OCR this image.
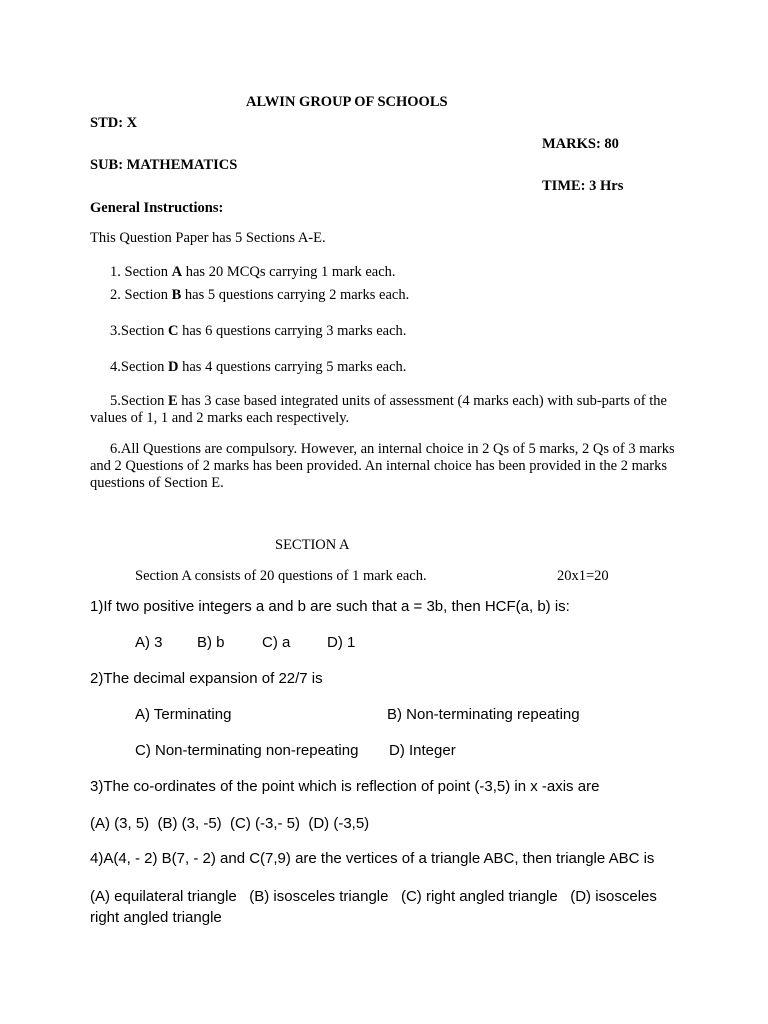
ALWIN GROUP OF SCHOOLS
STD: X
MARKS: 80
SUB: MATHEMATICS
TIME: 3 Hrs
General Instructions:
This Question Paper has 5 Sections A-E.
1. Section A has 20 MCQs carrying 1 mark each.
2. Section B has 5 questions carrying 2 marks each.
3.Section C has 6 questions carrying 3 marks each.
4.Section D has 4 questions carrying 5 marks each.
5.Section E has 3 case based integrated units of assessment (4 marks each) with sub-parts of the values of 1, 1 and 2 marks each respectively.
6.All Questions are compulsory. However, an internal choice in 2 Qs of 5 marks, 2 Qs of 3 marks and 2 Questions of 2 marks has been provided. An internal choice has been provided in the 2 marks questions of Section E.
SECTION A
Section A consists of 20 questions of 1 mark each.	20x1=20
1)If two positive integers a and b are such that a = 3b, then HCF(a, b) is:
A) 3 B) b C) a D) 1
2)The decimal expansion of 22/7 is
A) Terminating	B) Non-terminating repeating
C) Non-terminating non-repeating D) Integer
3)The co-ordinates of the point which is reflection of point (-3,5) in x -axis are
(A) (3, 5)  (B) (3, -5)  (C) (-3,- 5)  (D) (-3,5)
4)A(4, - 2) B(7, - 2) and C(7,9) are the vertices of a triangle ABC, then triangle ABC is
(A) equilateral triangle   (B) isosceles triangle   (C) right angled triangle   (D) isosceles right angled triangle
